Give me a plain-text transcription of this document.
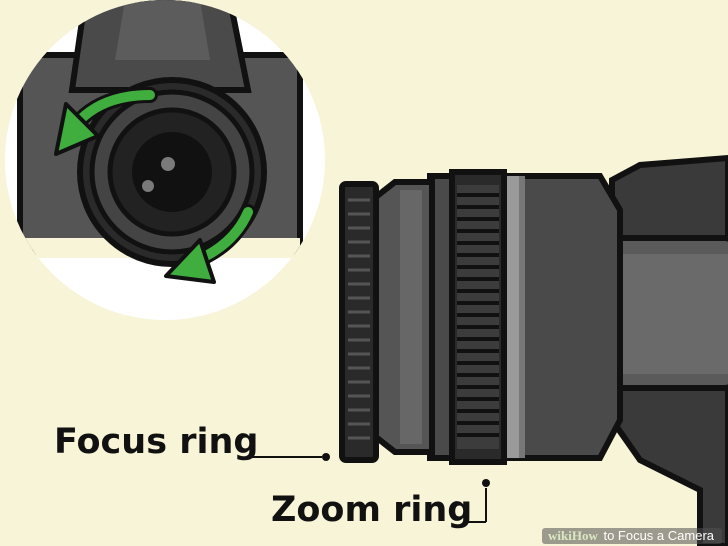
Focus ring
Zoom ring
wikiHow to Focus a Camera
